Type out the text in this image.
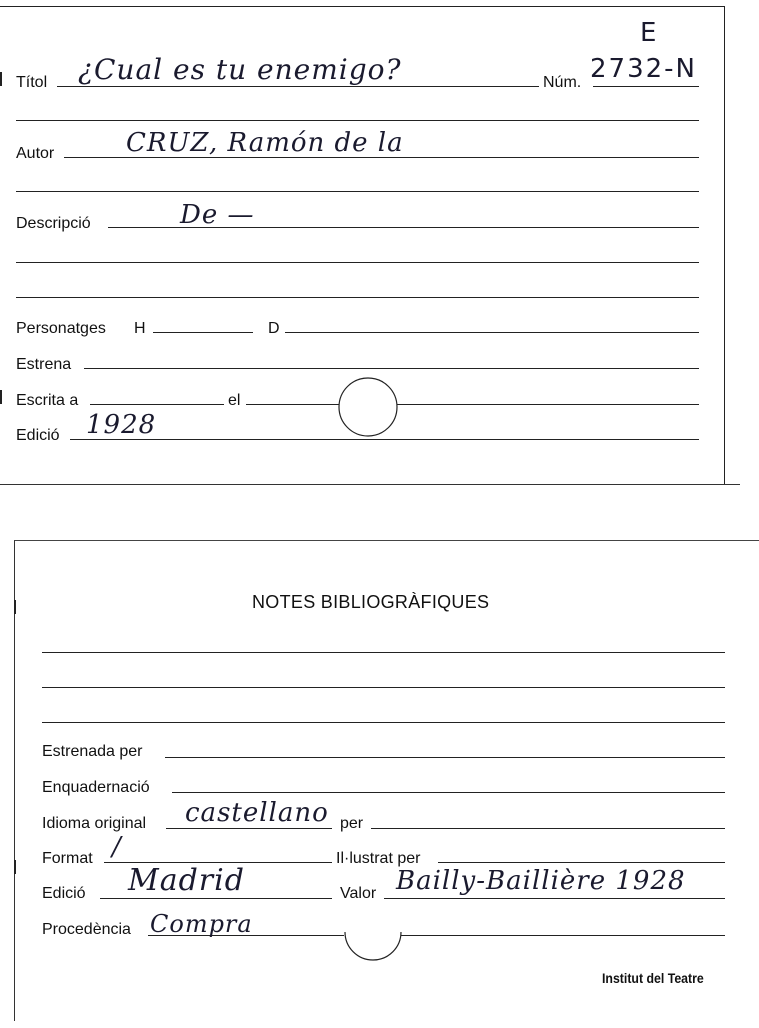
E
Títol ¿Cual es tu enemigo?	Núm. 2732-N
Autor	CRUZ, Ramón de la
Descripció	De —
Personatges H	D
Estrena
Escrita a	el
Edició 1928
NOTES BIBLIOGRÀFIQUES
Estrenada per
Enquadernació
Idioma original castellano per
Format /	Il·lustrat per
Edició Madrid	Valor Bailly-Baillière 1928
Procedència Compra
Institut del Teatre
